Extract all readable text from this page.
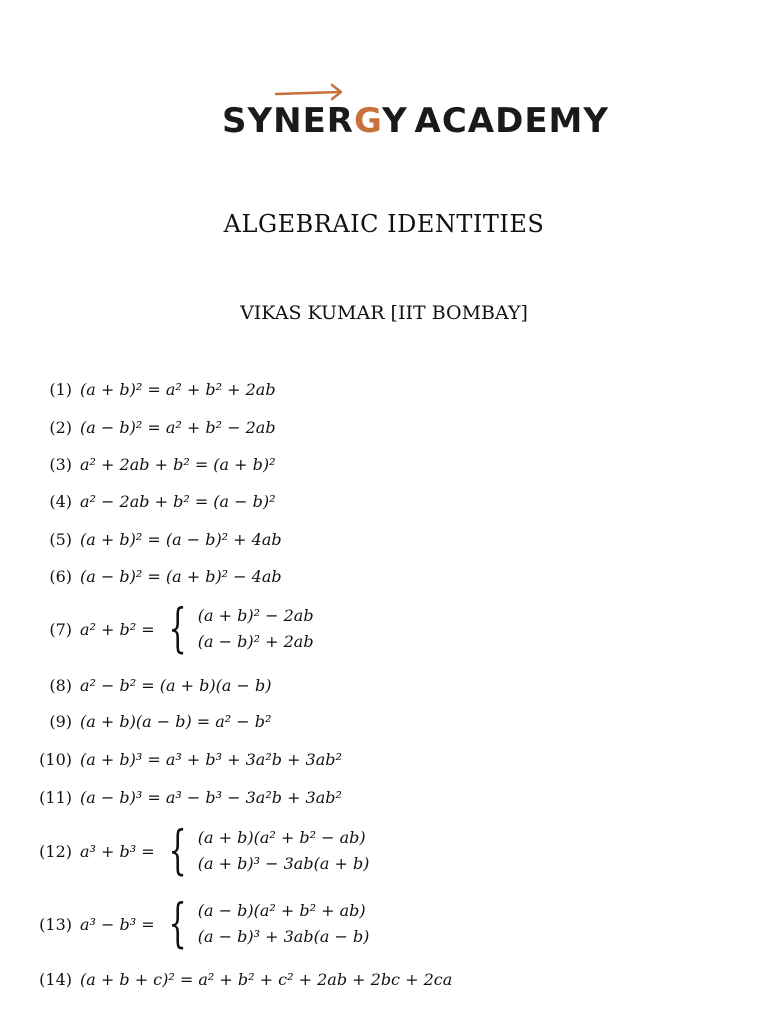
SYNERGY ACADEMY
ALGEBRAIC IDENTITIES
VIKAS KUMAR [IIT BOMBAY]
(1) (a + b)² = a² + b² + 2ab
(2) (a − b)² = a² + b² − 2ab
(3) a² + 2ab + b² = (a + b)²
(4) a² − 2ab + b² = (a − b)²
(5) (a + b)² = (a − b)² + 4ab
(6) (a − b)² = (a + b)² − 4ab
(7) a² + b² = { (a + b)² − 2ab
(a − b)² + 2ab
(8) a² − b² = (a + b)(a − b)
(9) (a + b)(a − b) = a² − b²
(10) (a + b)³ = a³ + b³ + 3a²b + 3ab²
(11) (a − b)³ = a³ − b³ − 3a²b + 3ab²
(12) a³ + b³ = { (a + b)(a² + b² − ab)
(a + b)³ − 3ab(a + b)
(13) a³ − b³ = { (a − b)(a² + b² + ab)
(a − b)³ + 3ab(a − b)
(14) (a + b + c)² = a² + b² + c² + 2ab + 2bc + 2ca
